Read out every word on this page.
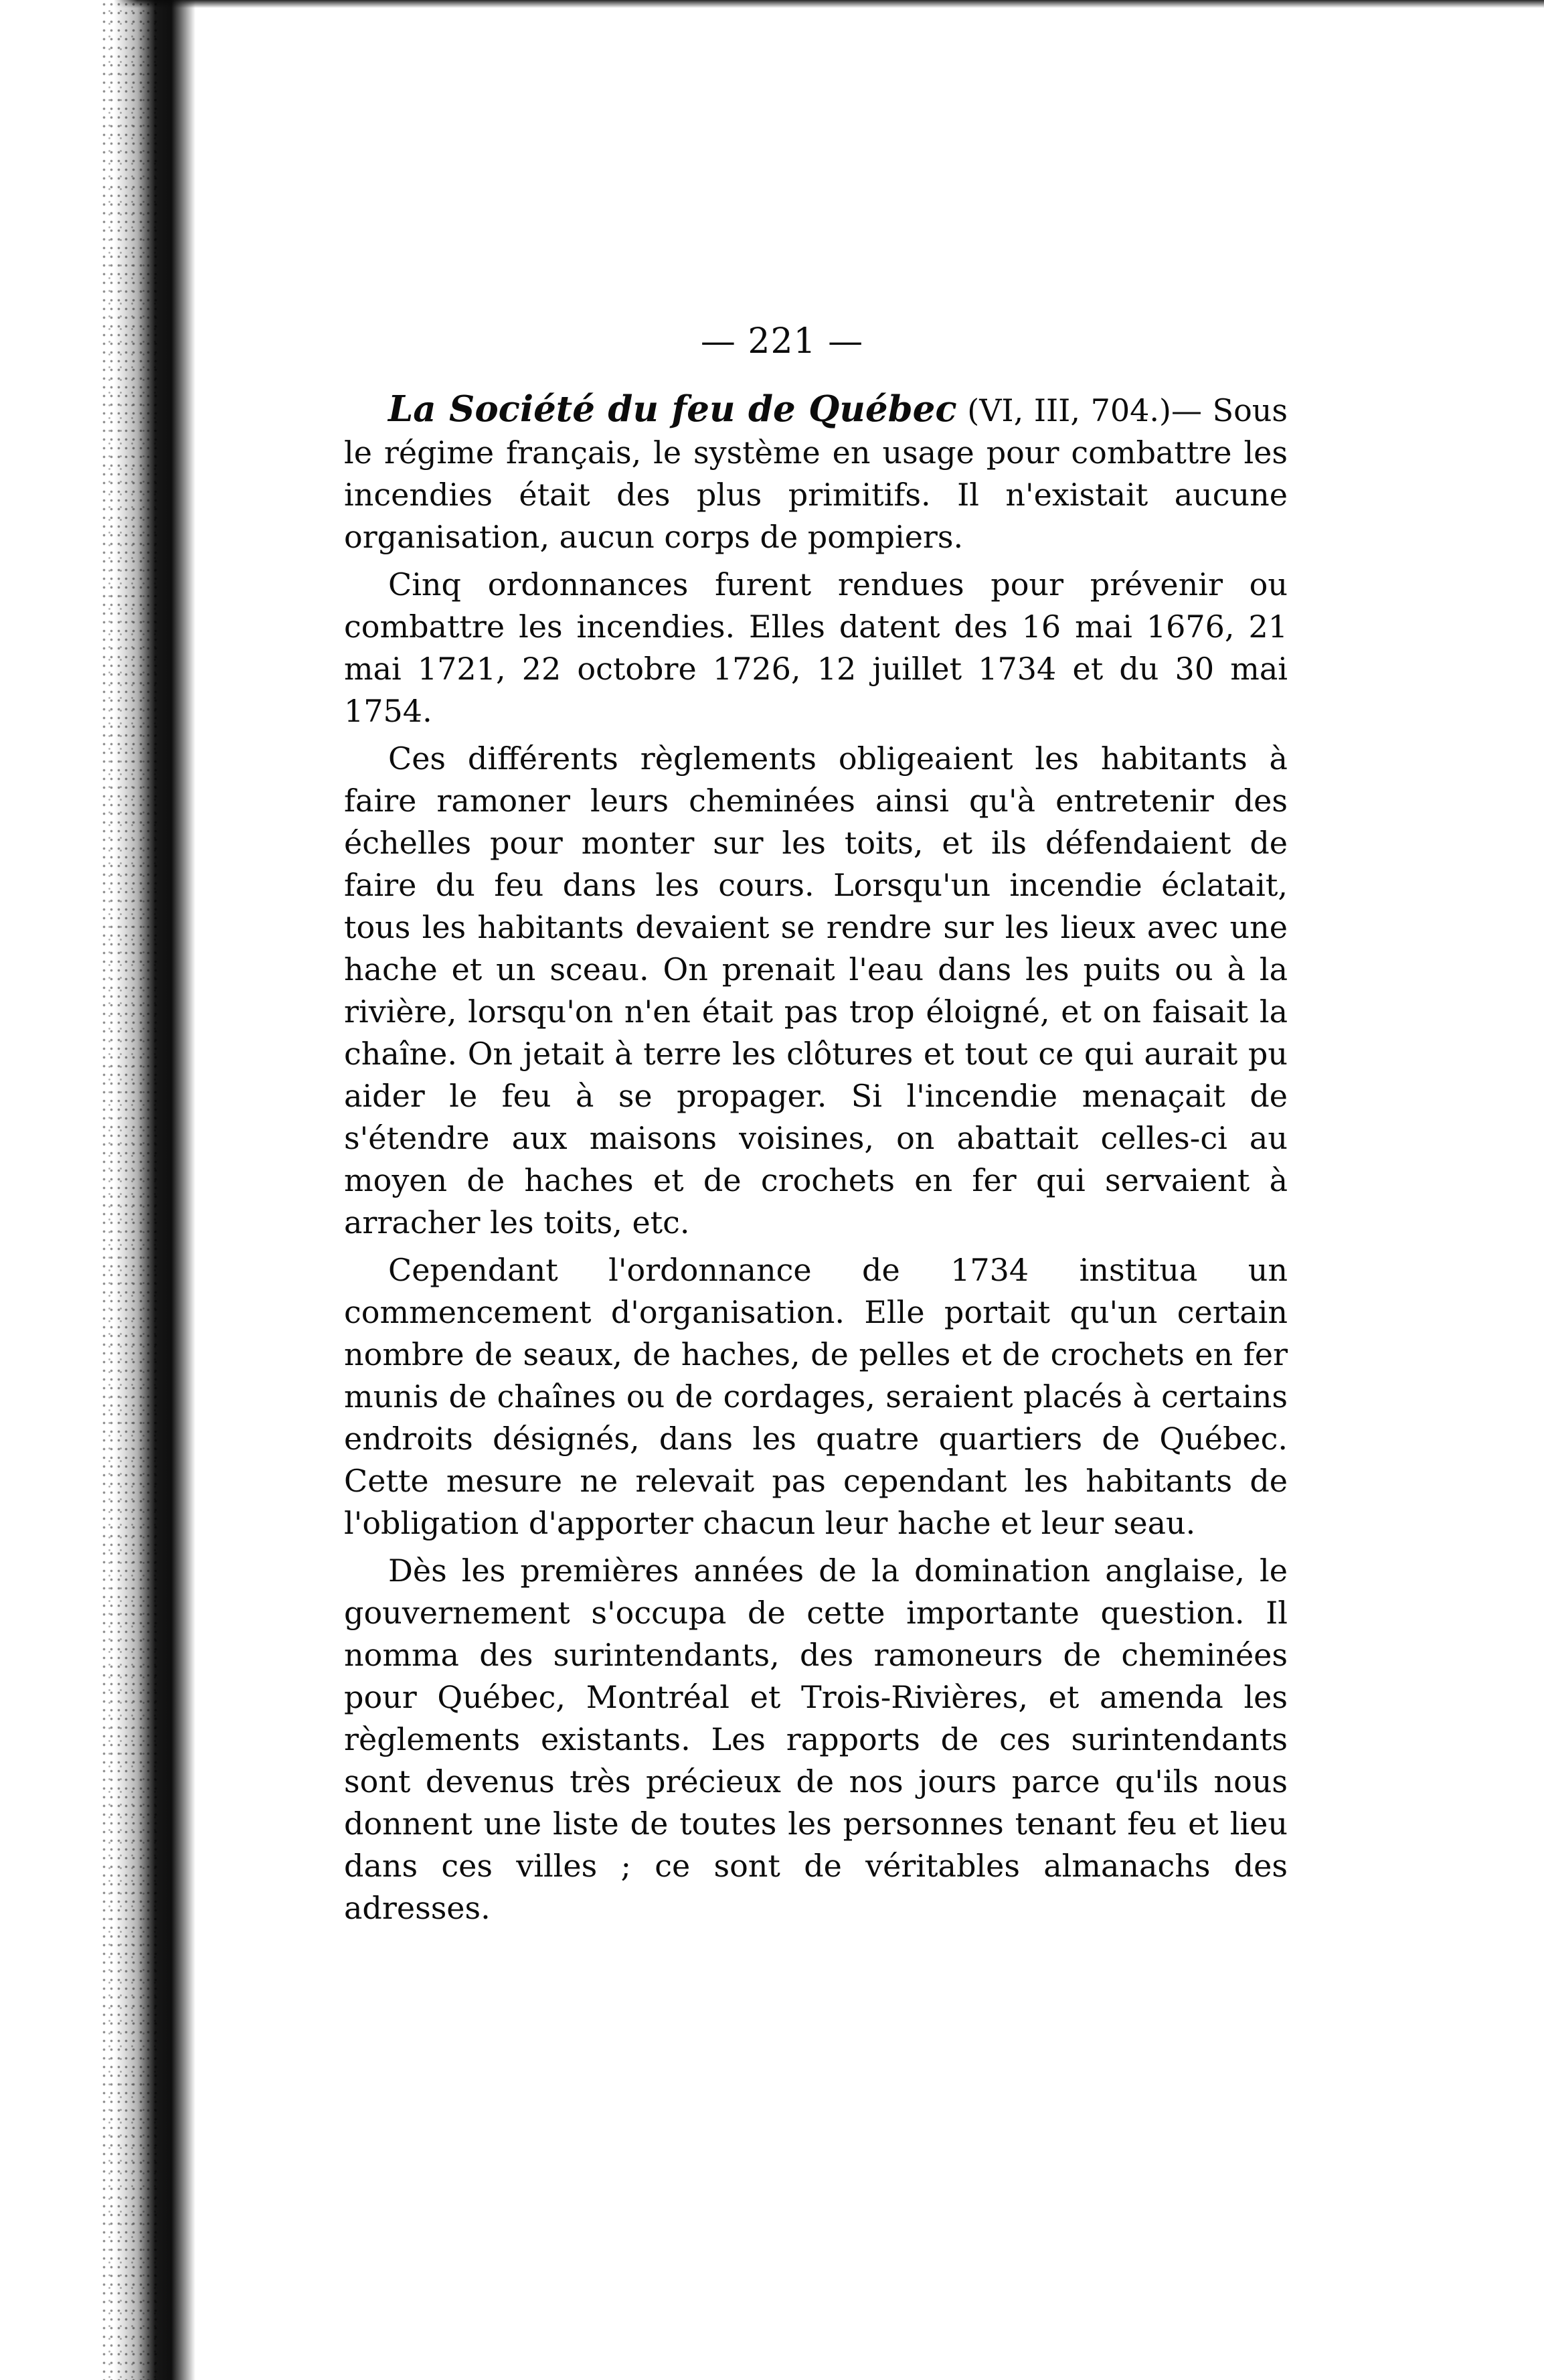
— 221 —

La Société du feu de Québec (VI, III, 704.)— Sous le régime français, le système en usage pour combattre les incendies était des plus primitifs. Il n'existait aucune organisation, aucun corps de pompiers.

Cinq ordonnances furent rendues pour prévenir ou combattre les incendies. Elles datent des 16 mai 1676, 21 mai 1721, 22 octobre 1726, 12 juillet 1734 et du 30 mai 1754.

Ces différents règlements obligeaient les habitants à faire ramoner leurs cheminées ainsi qu'à entretenir des échelles pour monter sur les toits, et ils défendaient de faire du feu dans les cours. Lorsqu'un incendie éclatait, tous les habitants devaient se rendre sur les lieux avec une hache et un sceau. On prenait l'eau dans les puits ou à la rivière, lorsqu'on n'en était pas trop éloigné, et on faisait la chaîne. On jetait à terre les clôtures et tout ce qui aurait pu aider le feu à se propager. Si l'incendie menaçait de s'étendre aux maisons voisines, on abattait celles-ci au moyen de haches et de crochets en fer qui servaient à arracher les toits, etc.

Cependant l'ordonnance de 1734 institua un commencement d'organisation. Elle portait qu'un certain nombre de seaux, de haches, de pelles et de crochets en fer munis de chaînes ou de cordages, seraient placés à certains endroits désignés, dans les quatre quartiers de Québec. Cette mesure ne relevait pas cependant les habitants de l'obligation d'apporter chacun leur hache et leur seau.

Dès les premières années de la domination anglaise, le gouvernement s'occupa de cette importante question. Il nomma des surintendants, des ramoneurs de cheminées pour Québec, Montréal et Trois-Rivières, et amenda les règlements existants. Les rapports de ces surintendants sont devenus très précieux de nos jours parce qu'ils nous donnent une liste de toutes les personnes tenant feu et lieu dans ces villes ; ce sont de véritables almanachs des adresses.
